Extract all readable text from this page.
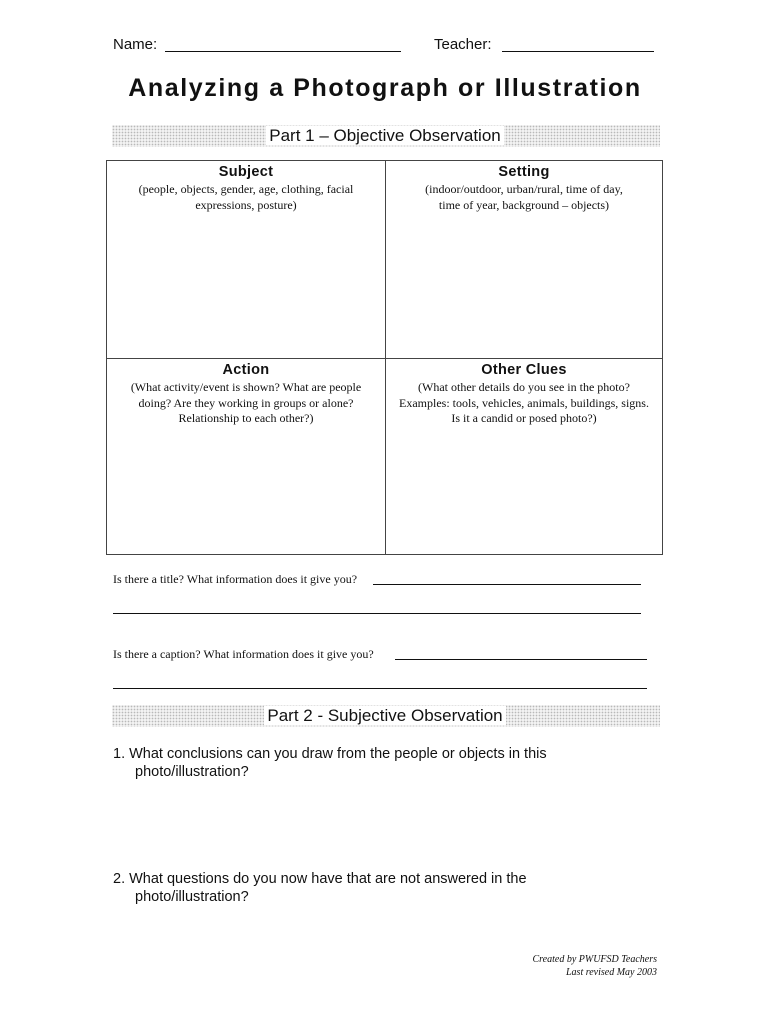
Name:	Teacher:
Analyzing a Photograph or Illustration
Part 1 – Objective Observation
Subject
(people, objects, gender, age, clothing, facial
expressions, posture)
Setting
(indoor/outdoor, urban/rural, time of day,
time of year, background – objects)
Action
(What activity/event is shown? What are people
doing? Are they working in groups or alone?
Relationship to each other?)
Other Clues
(What other details do you see in the photo?
Examples: tools, vehicles, animals, buildings, signs.
Is it a candid or posed photo?)
Is there a title? What information does it give you?
Is there a caption? What information does it give you?
Part 2 - Subjective Observation
1. What conclusions can you draw from the people or objects in this
photo/illustration?
2. What questions do you now have that are not answered in the
photo/illustration?
Created by PWUFSD Teachers
Last revised May 2003
